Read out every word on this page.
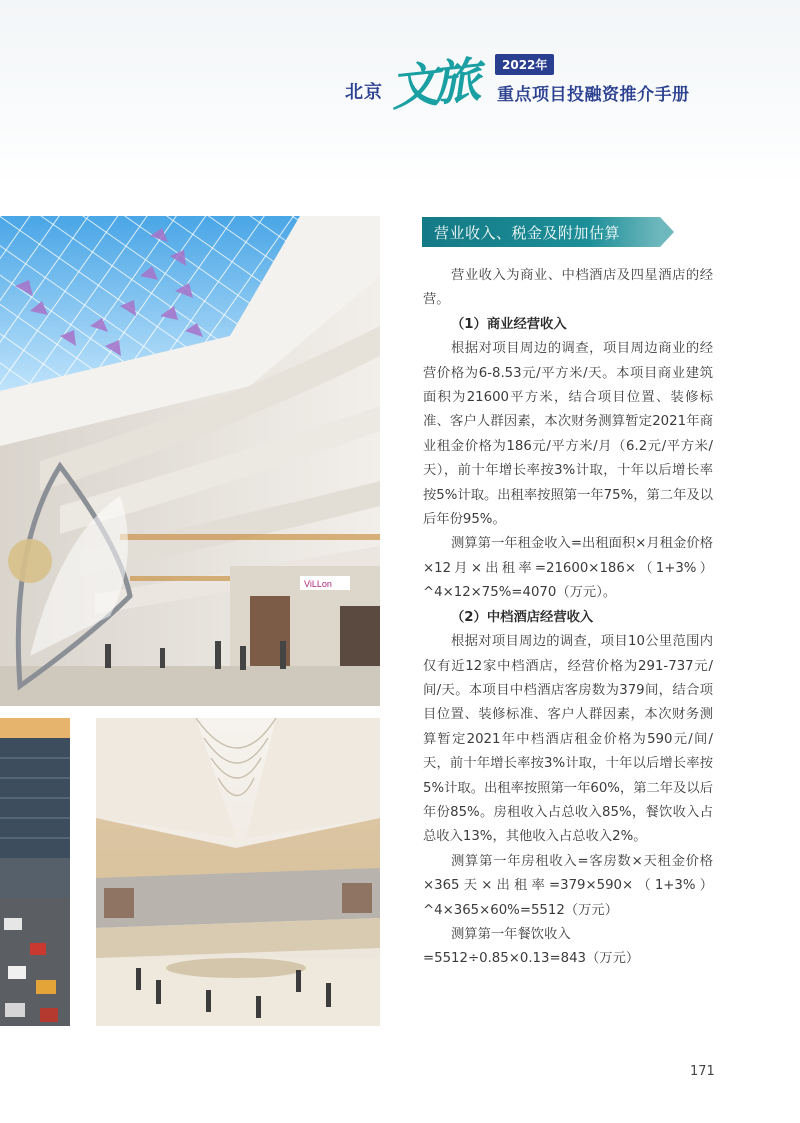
北京 文旅	2022年
重点项目投融资推介手册
ViLLon
营业收入、税金及附加估算

营业收入为商业、中档酒店及四星酒店的经营。

（1）商业经营收入

根据对项目周边的调查，项目周边商业的经营价格为6-8.53元/平方米/天。本项目商业建筑面积为21600平方米，结合项目位置、装修标准、客户人群因素，本次财务测算暂定2021年商业租金价格为186元/平方米/月（6.2元/平方米/天），前十年增长率按3%计取，十年以后增长率按5%计取。出租率按照第一年75%，第二年及以后年份95%。

测算第一年租金收入=出租面积×月租金价格×12月×出租率=21600×186×（1+3%）^4×12×75%=4070（万元）。

（2）中档酒店经营收入

根据对项目周边的调查，项目10公里范围内仅有近12家中档酒店，经营价格为291-737元/间/天。本项目中档酒店客房数为379间，结合项目位置、装修标准、客户人群因素，本次财务测算暂定2021年中档酒店租金价格为590元/间/天，前十年增长率按3%计取，十年以后增长率按5%计取。出租率按照第一年60%，第二年及以后年份85%。房租收入占总收入85%，餐饮收入占总收入13%，其他收入占总收入2%。

测算第一年房租收入=客房数×天租金价格×365天×出租率=379×590×（1+3%）^4×365×60%=5512（万元）

测算第一年餐饮收入

=5512÷0.85×0.13=843（万元）

171
